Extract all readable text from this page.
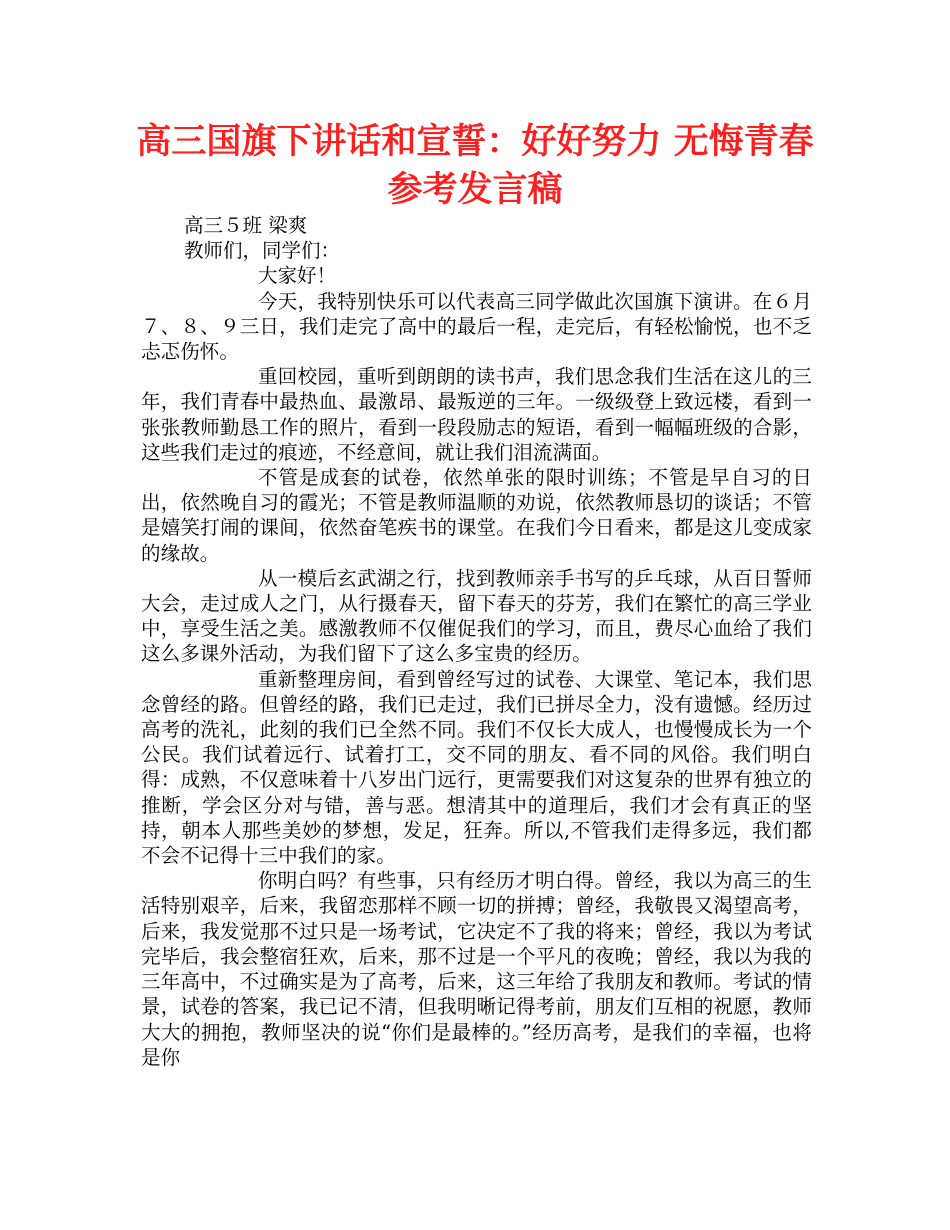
高三国旗下讲话和宣誓：好好努力 无悔青春参考发言稿

高三５班 梁爽

教师们，同学们：

大家好！

今天，我特别快乐可以代表高三同学做此次国旗下演讲。在６月７、８、９三日，我们走完了高中的最后一程，走完后，有轻松愉悦，也不乏忐忑伤怀。

重回校园，重听到朗朗的读书声，我们思念我们生活在这儿的三年，我们青春中最热血、最激昂、最叛逆的三年。一级级登上致远楼，看到一张张教师勤恳工作的照片，看到一段段励志的短语，看到一幅幅班级的合影，这些我们走过的痕迹，不经意间，就让我们泪流满面。

不管是成套的试卷，依然单张的限时训练；不管是早自习的日出，依然晚自习的霞光；不管是教师温顺的劝说，依然教师恳切的谈话；不管是嬉笑打闹的课间，依然奋笔疾书的课堂。在我们今日看来，都是这儿变成家的缘故。

从一模后玄武湖之行，找到教师亲手书写的乒乓球，从百日誓师大会，走过成人之门，从行摄春天，留下春天的芬芳，我们在繁忙的高三学业中，享受生活之美。感激教师不仅催促我们的学习，而且，费尽心血给了我们这么多课外活动，为我们留下了这么多宝贵的经历。

重新整理房间，看到曾经写过的试卷、大课堂、笔记本，我们思念曾经的路。但曾经的路，我们已走过，我们已拼尽全力，没有遗憾。经历过高考的洗礼，此刻的我们已全然不同。我们不仅长大成人，也慢慢成长为一个公民。我们试着远行、试着打工，交不同的朋友、看不同的风俗。我们明白得：成熟，不仅意味着十八岁出门远行，更需要我们对这复杂的世界有独立的推断，学会区分对与错，善与恶。想清其中的道理后，我们才会有真正的坚持，朝本人那些美妙的梦想，发足，狂奔。所以,不管我们走得多远，我们都不会不记得十三中我们的家。

你明白吗？有些事，只有经历才明白得。曾经，我以为高三的生活特别艰辛，后来，我留恋那样不顾一切的拼搏；曾经，我敬畏又渴望高考，后来，我发觉那不过只是一场考试，它决定不了我的将来；曾经，我以为考试完毕后，我会整宿狂欢，后来，那不过是一个平凡的夜晚；曾经，我以为我的三年高中，不过确实是为了高考，后来，这三年给了我朋友和教师。考试的情景，试卷的答案，我已记不清，但我明晰记得考前，朋友们互相的祝愿，教师大大的拥抱，教师坚决的说“你们是最棒的。”经历高考，是我们的幸福，也将是你
